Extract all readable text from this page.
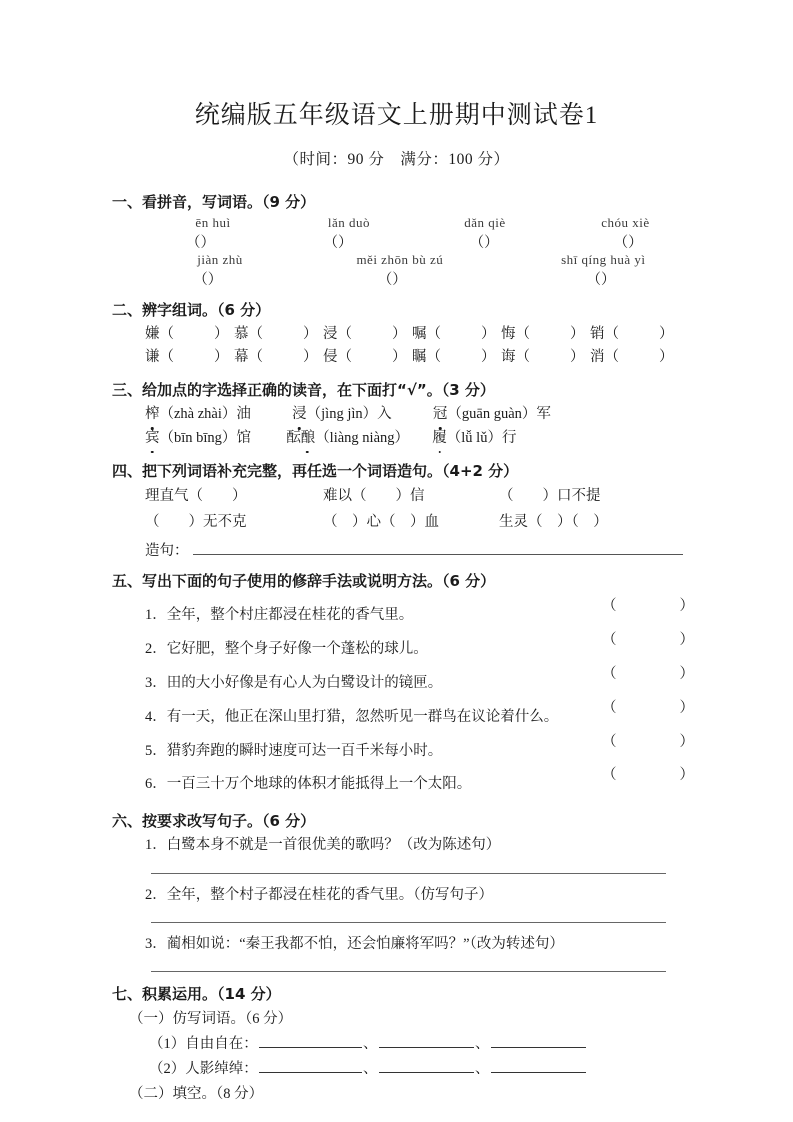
统编版五年级语文上册期中测试卷1
（时间：90 分　满分：100 分）
一、看拼音，写词语。（9 分）
ēn huì	lǎn duò	dǎn qiè	chóu xiè
（）	（）	（）	（）
jiàn zhù	měi zhōn bù zú	shī qíng huà yì
（）	（）	（）
二、辨字组词。（6 分）
嫌 （	） 慕 （	） 浸 （	） 嘱 （	） 悔 （	） 销 （	）
谦 （	） 幕 （	） 侵 （	） 瞩 （	） 诲 （	） 消 （	）
三、给加点的字选择正确的读音，在下面打“√”。（3 分）
榨（zhà zhài）油	浸（jìng jìn）入	冠（guān guàn）军
宾（bīn bīng）馆 酝酿（liàng niàng） 履（lǚ lǔ）行
四、把下列词语补充完整，再任选一个词语造句。（4+2 分）
理直气（　　）	难以（　　）信	（　　）口不提
（　　）无不克	（　）心（　）血	生灵（　）（　）
造句：
五、写出下面的句子使用的修辞手法或说明方法。（6 分）
1．全年，整个村庄都浸在桂花的香气里。
（	）
2．它好肥，整个身子好像一个蓬松的球儿。
（	）
3．田的大小好像是有心人为白鹭设计的镜匣。
（	）
4．有一天，他正在深山里打猎，忽然听见一群鸟在议论着什么。
（	）
5．猎豹奔跑的瞬时速度可达一百千米每小时。
（	）
6．一百三十万个地球的体积才能抵得上一个太阳。
（	）
六、按要求改写句子。（6 分）
1．白鹭本身不就是一首很优美的歌吗？（改为陈述句）
2．全年，整个村子都浸在桂花的香气里。（仿写句子）
3．蔺相如说：“秦王我都不怕，还会怕廉将军吗？”（改为转述句）
七、积累运用。（14 分）
（一）仿写词语。（6 分）
（1）自由自在：	、	、
（2）人影绰绰：	、	、
（二）填空。（8 分）
